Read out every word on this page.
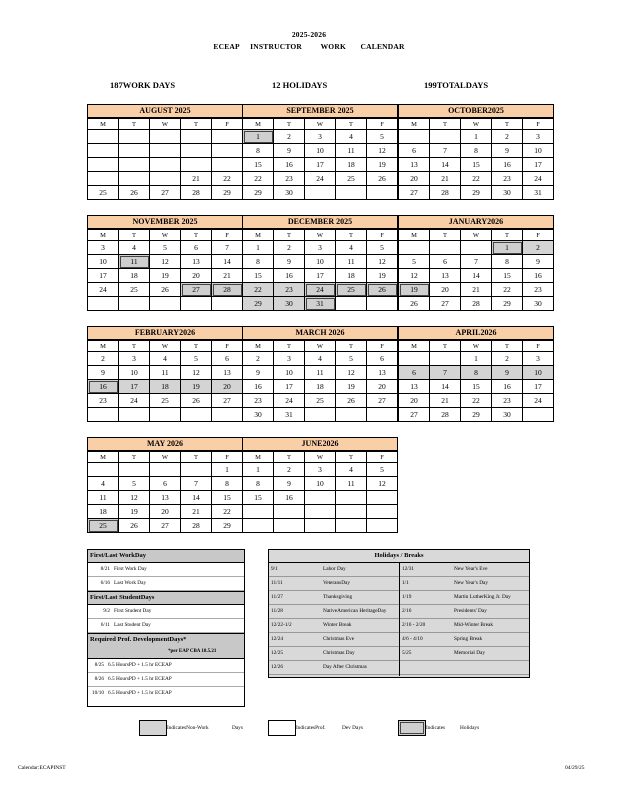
2025-2026
ECEAP INSTRUCTOR WORK CALENDAR
187WORK DAYS	12 HOLIDAYS	199TOTALDAYS
AUGUST 2025
M	T	W	T	F

			21	22
25	26	27	28	29
SEPTEMBER 2025
M	T	W	T	F
1	2	3	4	5
8	9	10	11	12
15	16	17	18	19
22	23	24	25	26
29	30			
OCTOBER2025
M	T	W	T	F
		1	2	3
6	7	8	9	10
13	14	15	16	17
20	21	22	23	24
27	28	29	30	31
NOVEMBER 2025
M	T	W	T	F
3	4	5	6	7
10	11	12	13	14
17	18	19	20	21
24	25	26	27	28

DECEMBER 2025
M	T	W	T	F
1	2	3	4	5
8	9	10	11	12
15	16	17	18	19
22	23	24	25	26
29	30	31		
JANUARY2026
M	T	W	T	F
			1	2
5	6	7	8	9
12	13	14	15	16
19	20	21	22	23
26	27	28	29	30
FEBRUARY2026
M	T	W	T	F
2	3	4	5	6
9	10	11	12	13
16	17	18	19	20
23	24	25	26	27

MARCH 2026
M	T	W	T	F
2	3	4	5	6
9	10	11	12	13
16	17	18	19	20
23	24	25	26	27
30	31			
APRIL2026
M	T	W	T	F
		1	2	3
6	7	8	9	10
13	14	15	16	17
20	21	22	23	24
27	28	29	30	
MAY 2026
M	T	W	T	F
				1
4	5	6	7	8
11	12	13	14	15
18	19	20	21	22
25	26	27	28	29
JUNE2026
M	T	W	T	F
1	2	3	4	5
8	9	10	11	12
15	16			

First/Last WorkDay
8/21 First Work Day
6/16 Last Work Day
First/Last StudentDays
9/2 First Student Day
6/11 Last Student Day
Required Prof. DevelopmentDays*
*per EAP CBA 18.5.21
8/25 6.5 HoursPD + 1.5 hr ECEAP
8/26 6.5 HoursPD + 1.5 hr ECEAP
10/10 6.5 HoursPD + 1.5 hr ECEAP
Holidays / Breaks
9/1	Labor Day
11/11	VeteransDay
11/27	Thanksgiving
11/28	NativeAmerican HeritageDay
12/22-1/2	Winter Break
12/24	Christmas Eve
12/25	Christmas Day
12/26	Day After Christmas
12/31	New Year's Eve
1/1	New Year's Day
1/19	Martin LutherKing Jr. Day
2/16	Presidents' Day
2/16 - 2/20	Mid-Winter Break
4/6 - 4/10	Spring Break
5/25	Memorial Day
IndicatesNon-Work	Days	IndicatesProf.	Dev Days	Indicates	Holidays
Calendar:ECAPINST	04/29/25
